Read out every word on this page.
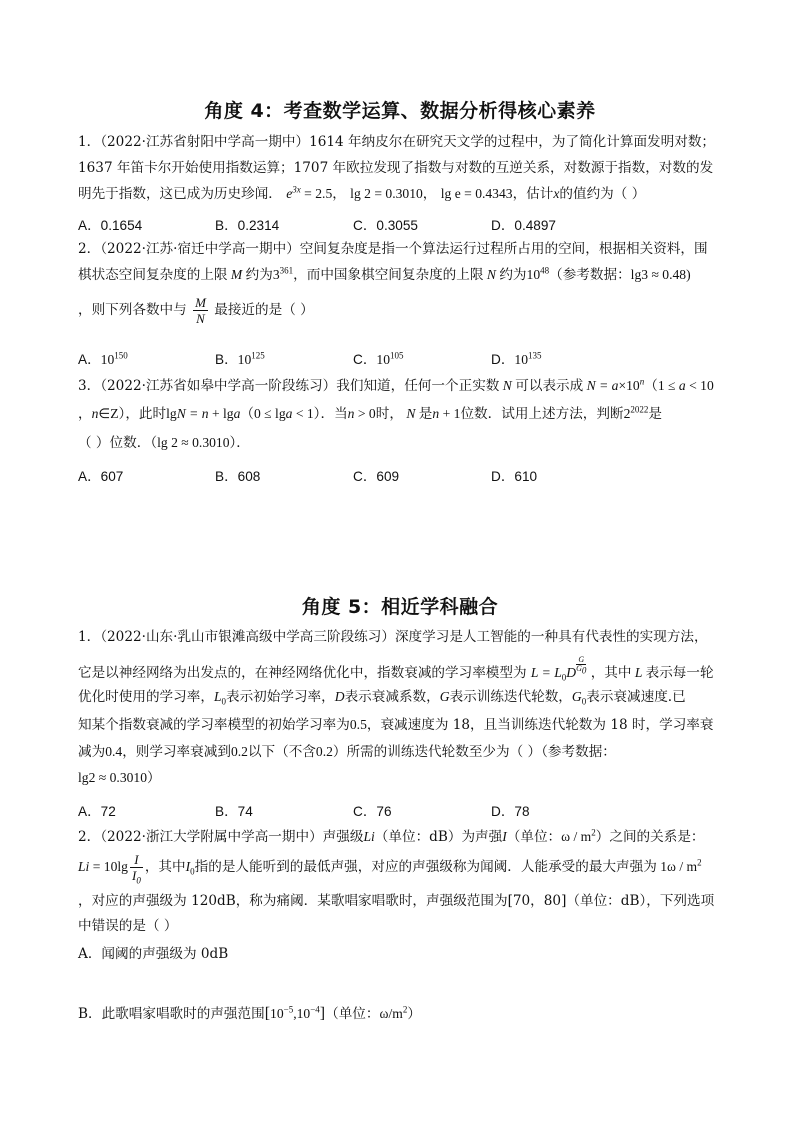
角度 4：考查数学运算、数据分析得核心素养
1．（2022·江苏省射阳中学高一期中）1614 年纳皮尔在研究天文学的过程中，为了简化计算面发明对数；
1637 年笛卡尔开始使用指数运算；1707 年欧拉发现了指数与对数的互逆关系，对数源于指数，对数的发
明先于指数，这已成为历史珍闻． $e^{3x} = 2.5$， lg 2 = 0.3010， lg e = 0.4343，估计x的值约为（ ）
A．0.1654	B．0.2314	C．0.3055	D．0.4897
2．（2022·江苏·宿迁中学高一期中）空间复杂度是指一个算法运行过程所占用的空间，根据相关资料，围
棋状态空间复杂度的上限 M 约为$3^{361}$，而中国象棋空间复杂度的上限 N 约为$10^{48}$（参考数据：lg3 ≈ 0.48)
，则下列各数中与 $\frac{M}{N}$ 最接近的是（ ）
A．$10^{150}$	B．$10^{125}$	C．$10^{105}$	D．$10^{135}$
3．（2022·江苏省如皋中学高一阶段练习）我们知道，任何一个正实数 N 可以表示成 $N = a\times 10^n(1 \le a < 10$
，n∈Z），此时lgN = n + lga（0 ≤ lga < 1）．当n > 0时， N 是n + 1位数．试用上述方法，判断$2^{2022}$是
（ ）位数．（lg 2 ≈ 0.3010）．
A．607	B．608	C．609	D．610
角度 5：相近学科融合
1．（2022·山东·乳山市银滩高级中学高三阶段练习）深度学习是人工智能的一种具有代表性的实现方法，
它是以神经网络为出发点的，在神经网络优化中，指数衰减的学习率模型为 $L = L_0D \frac{G}{G_0}$ ，其中 L 表示每一轮
优化时使用的学习率，$L_0$表示初始学习率，D表示衰减系数，G表示训练迭代轮数，$G_0$表示衰减速度.已
知某个指数衰减的学习率模型的初始学习率为0.5，衰减速度为 18，且当训练迭代轮数为 18 时，学习率衰
减为0.4，则学习率衰减到0.2以下（不含0.2）所需的训练迭代轮数至少为（ ）（参考数据：
lg2 ≈ 0.3010）
A．72	B．74	C．76	D．78
2．（2022·浙江大学附属中学高一期中）声强级Li（单位：dB）为声强I（单位：ω / $m^2$）之间的关系是：
$Li = 10\lg \frac{I}{I_0}$ ，其中$I_0$指的是人能听到的最低声强，对应的声强级称为闻阈．人能承受的最大声强为 $1\omega / m^2$
，对应的声强级为 120dB，称为痛阈．某歌唱家唱歌时，声强级范围为[70，80]（单位：dB），下列选项
中错误的是（ ）
A．闻阈的声强级为 0dB
B．此歌唱家唱歌时的声强范围$[10^{-5},10^{-4}]$（单位：$\omega/m^2$）
